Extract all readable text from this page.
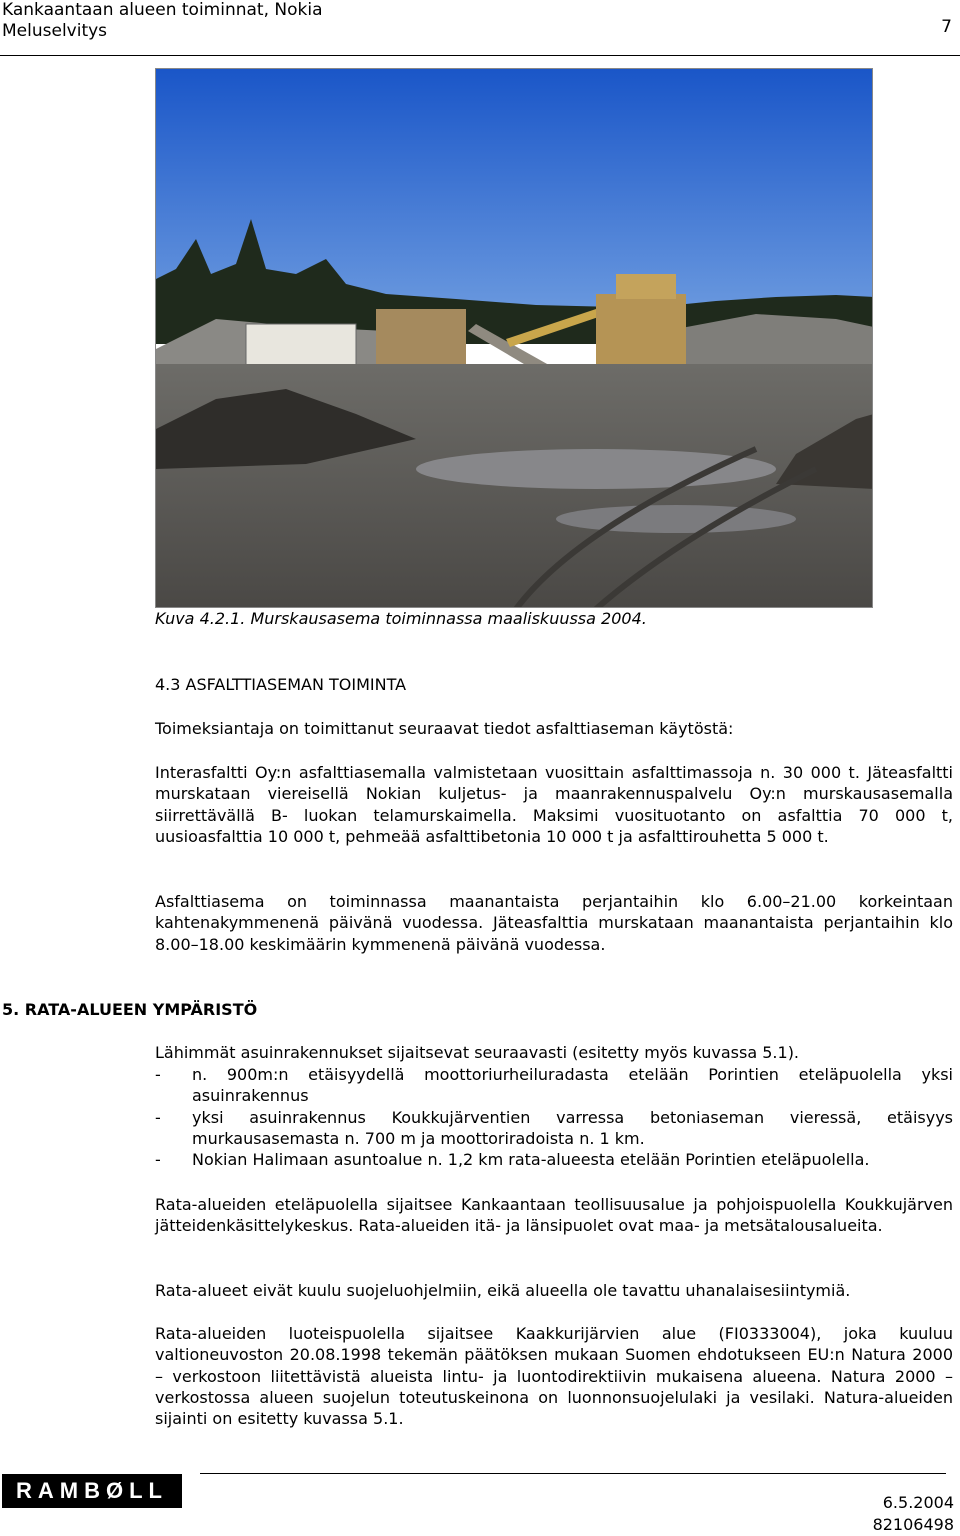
Kankaantaan alueen toiminnat, Nokia
Meluselvitys	7
Kuva 4.2.1. Murskausasema toiminnassa maaliskuussa 2004.
4.3 ASFALTTIASEMAN TOIMINTA

Toimeksiantaja on toimittanut seuraavat tiedot asfalttiaseman käytöstä:

Interasfaltti Oy:n asfalttiasemalla valmistetaan vuosittain asfalttimassoja n. 30 000 t. Jäteasfaltti murskataan viereisellä Nokian kuljetus- ja maanrakennuspalvelu Oy:n murskausasemalla siirrettävällä B- luokan telamurskaimella. Maksimi vuosituotanto on asfalttia 70 000 t, uusioasfalttia 10 000 t, pehmeää asfalttibetonia 10 000 t ja asfalttirouhetta 5 000 t.

Asfalttiasema on toiminnassa maanantaista perjantaihin klo 6.00–21.00 korkeintaan kahtenakymmenenä päivänä vuodessa. Jäteasfalttia murskataan maanantaista perjantaihin klo 8.00–18.00 keskimäärin kymmenenä päivänä vuodessa.

5. RATA-ALUEEN YMPÄRISTÖ

Lähimmät asuinrakennukset sijaitsevat seuraavasti (esitetty myös kuvassa 5.1).

- n. 900m:n etäisyydellä moottoriurheiluradasta etelään Porintien eteläpuolella yksi asuinrakennus
- yksi asuinrakennus Koukkujärventien varressa betoniaseman vieressä, etäisyys murkausasemasta n. 700 m ja moottoriradoista n. 1 km.
- Nokian Halimaan asuntoalue n. 1,2 km rata-alueesta etelään Porintien eteläpuolella.

Rata-alueiden eteläpuolella sijaitsee Kankaantaan teollisuusalue ja pohjoispuolella Koukkujärven jätteidenkäsittelykeskus. Rata-alueiden itä- ja länsipuolet ovat maa- ja metsätalousalueita.

Rata-alueet eivät kuulu suojeluohjelmiin, eikä alueella ole tavattu uhanalaisesiintymiä.

Rata-alueiden luoteispuolella sijaitsee Kaakkurijärvien alue (FI0333004), joka kuuluu valtioneuvoston 20.08.1998 tekemän päätöksen mukaan Suomen ehdotukseen EU:n Natura 2000 – verkostoon liitettävistä alueista lintu- ja luontodirektiivin mukaisena alueena. Natura 2000 – verkostossa alueen suojelun toteutuskeinona on luonnonsuojelulaki ja vesilaki. Natura-alueiden sijainti on esitetty kuvassa 5.1.

RAMBØLL	6.5.2004
82106498
